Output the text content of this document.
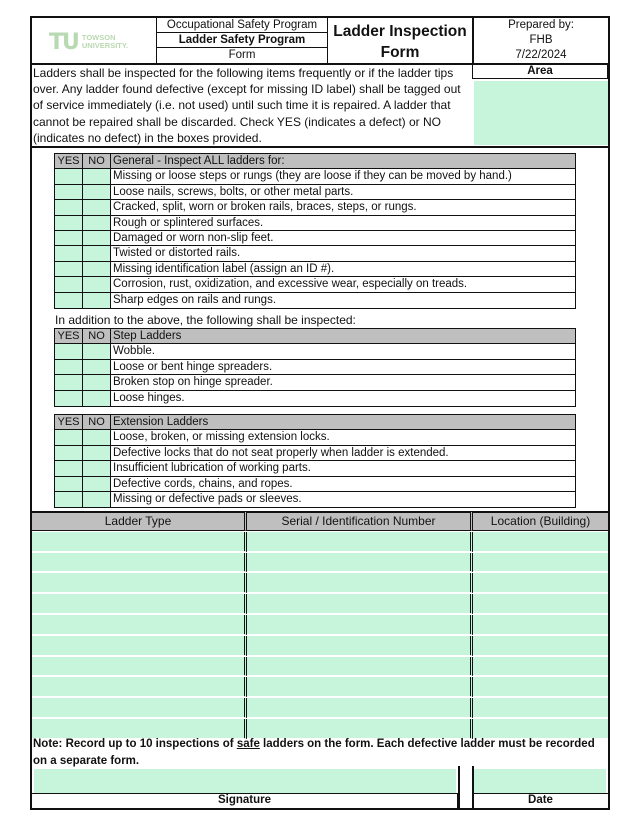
TU TOWSON
UNIVERSITY.
Occupational Safety Program
Ladder Safety Program
Form
Ladder Inspection
Form
Prepared by:
FHB
7/22/2024
Ladders shall be inspected for the following items frequently or if the ladder tips over. Any ladder found defective (except for missing ID label) shall be tagged out of service immediately (i.e. not used) until such time it is repaired. A ladder that cannot be repaired shall be discarded. Check YES (indicates a defect) or NO (indicates no defect) in the boxes provided.
Area
YES NO General - Inspect ALL ladders for:
Missing or loose steps or rungs (they are loose if they can be moved by hand.)
Loose nails, screws, bolts, or other metal parts.
Cracked, split, worn or broken rails, braces, steps, or rungs.
Rough or splintered surfaces.
Damaged or worn non-slip feet.
Twisted or distorted rails.
Missing identification label (assign an ID #).
Corrosion, rust, oxidization, and excessive wear, especially on treads.
Sharp edges on rails and rungs.
In addition to the above, the following shall be inspected:
YES NO Step Ladders
Wobble.
Loose or bent hinge spreaders.
Broken stop on hinge spreader.
Loose hinges.
YES NO Extension Ladders
Loose, broken, or missing extension locks.
Defective locks that do not seat properly when ladder is extended.
Insufficient lubrication of working parts.
Defective cords, chains, and ropes.
Missing or defective pads or sleeves.
Ladder Type	Serial / Identification Number	Location (Building)
Note: Record up to 10 inspections of safe ladders on the form. Each defective ladder must be recorded on a separate form.
Signature	Date
